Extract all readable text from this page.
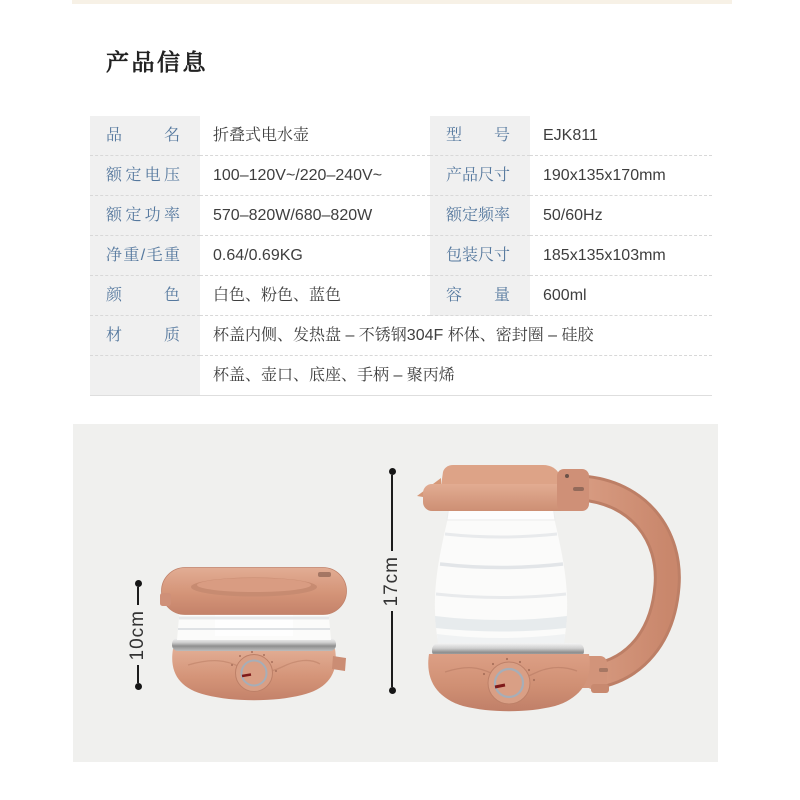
产品信息
品名	折叠式电水壶	型号	EJK811
额定电压	100–120V~/220–240V~	产品尺寸	190x135x170mm
额定功率	570–820W/680–820W	额定频率	50/60Hz
净重/毛重	0.64/0.69KG	包装尺寸	185x135x103mm
颜色	白色、粉色、蓝色	容量	600ml
材质	杯盖内侧、发热盘 – 不锈钢304F 杯体、密封圈 – 硅胶
杯盖、壶口、底座、手柄 – 聚丙烯
10cm
17cm
